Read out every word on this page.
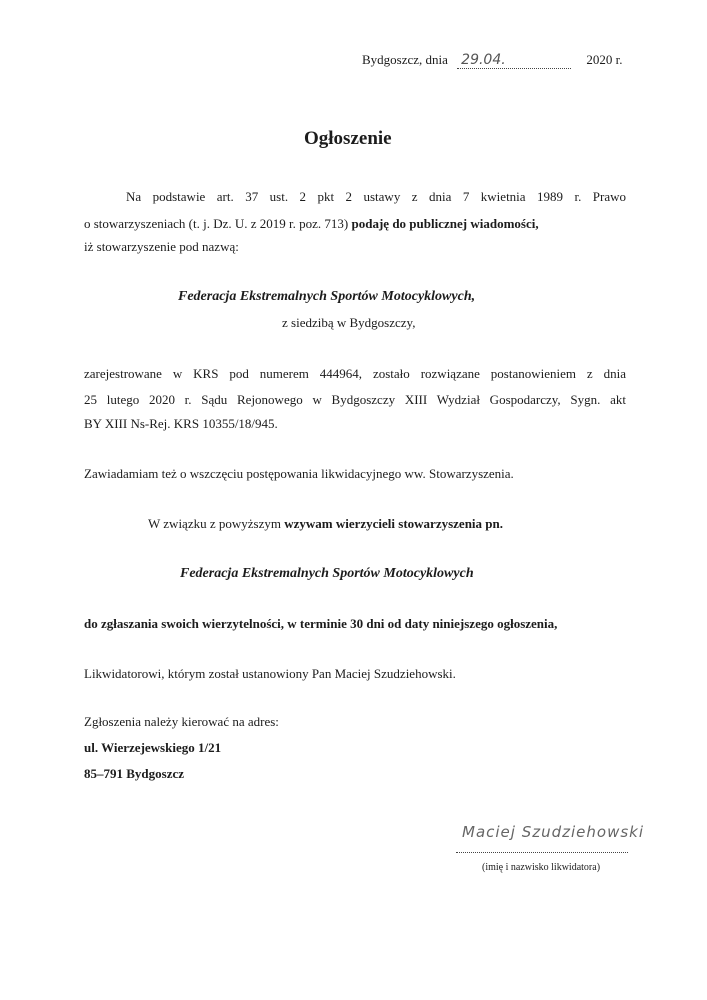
Bydgoszcz, dnia 29.04.	2020 r.
Ogłoszenie
Na podstawie art. 37 ust. 2 pkt 2 ustawy z dnia 7 kwietnia 1989 r. Prawo
o stowarzyszeniach (t. j. Dz. U. z 2019 r. poz. 713) podaję do publicznej wiadomości,
iż stowarzyszenie pod nazwą:
Federacja Ekstremalnych Sportów Motocyklowych,
z siedzibą w Bydgoszczy,
zarejestrowane w KRS pod numerem 444964, zostało rozwiązane postanowieniem z dnia
25 lutego 2020 r. Sądu Rejonowego w Bydgoszczy XIII Wydział Gospodarczy, Sygn. akt
BY XIII Ns-Rej. KRS 10355/18/945.
Zawiadamiam też o wszczęciu postępowania likwidacyjnego ww. Stowarzyszenia.
W związku z powyższym wzywam wierzycieli stowarzyszenia pn.
Federacja Ekstremalnych Sportów Motocyklowych
do zgłaszania swoich wierzytelności, w terminie 30 dni od daty niniejszego ogłoszenia,
Likwidatorowi, którym został ustanowiony Pan Maciej Szudziehowski.
Zgłoszenia należy kierować na adres:
ul. Wierzejewskiego 1/21
85–791 Bydgoszcz
Maciej Szudziehowski
(imię i nazwisko likwidatora)
